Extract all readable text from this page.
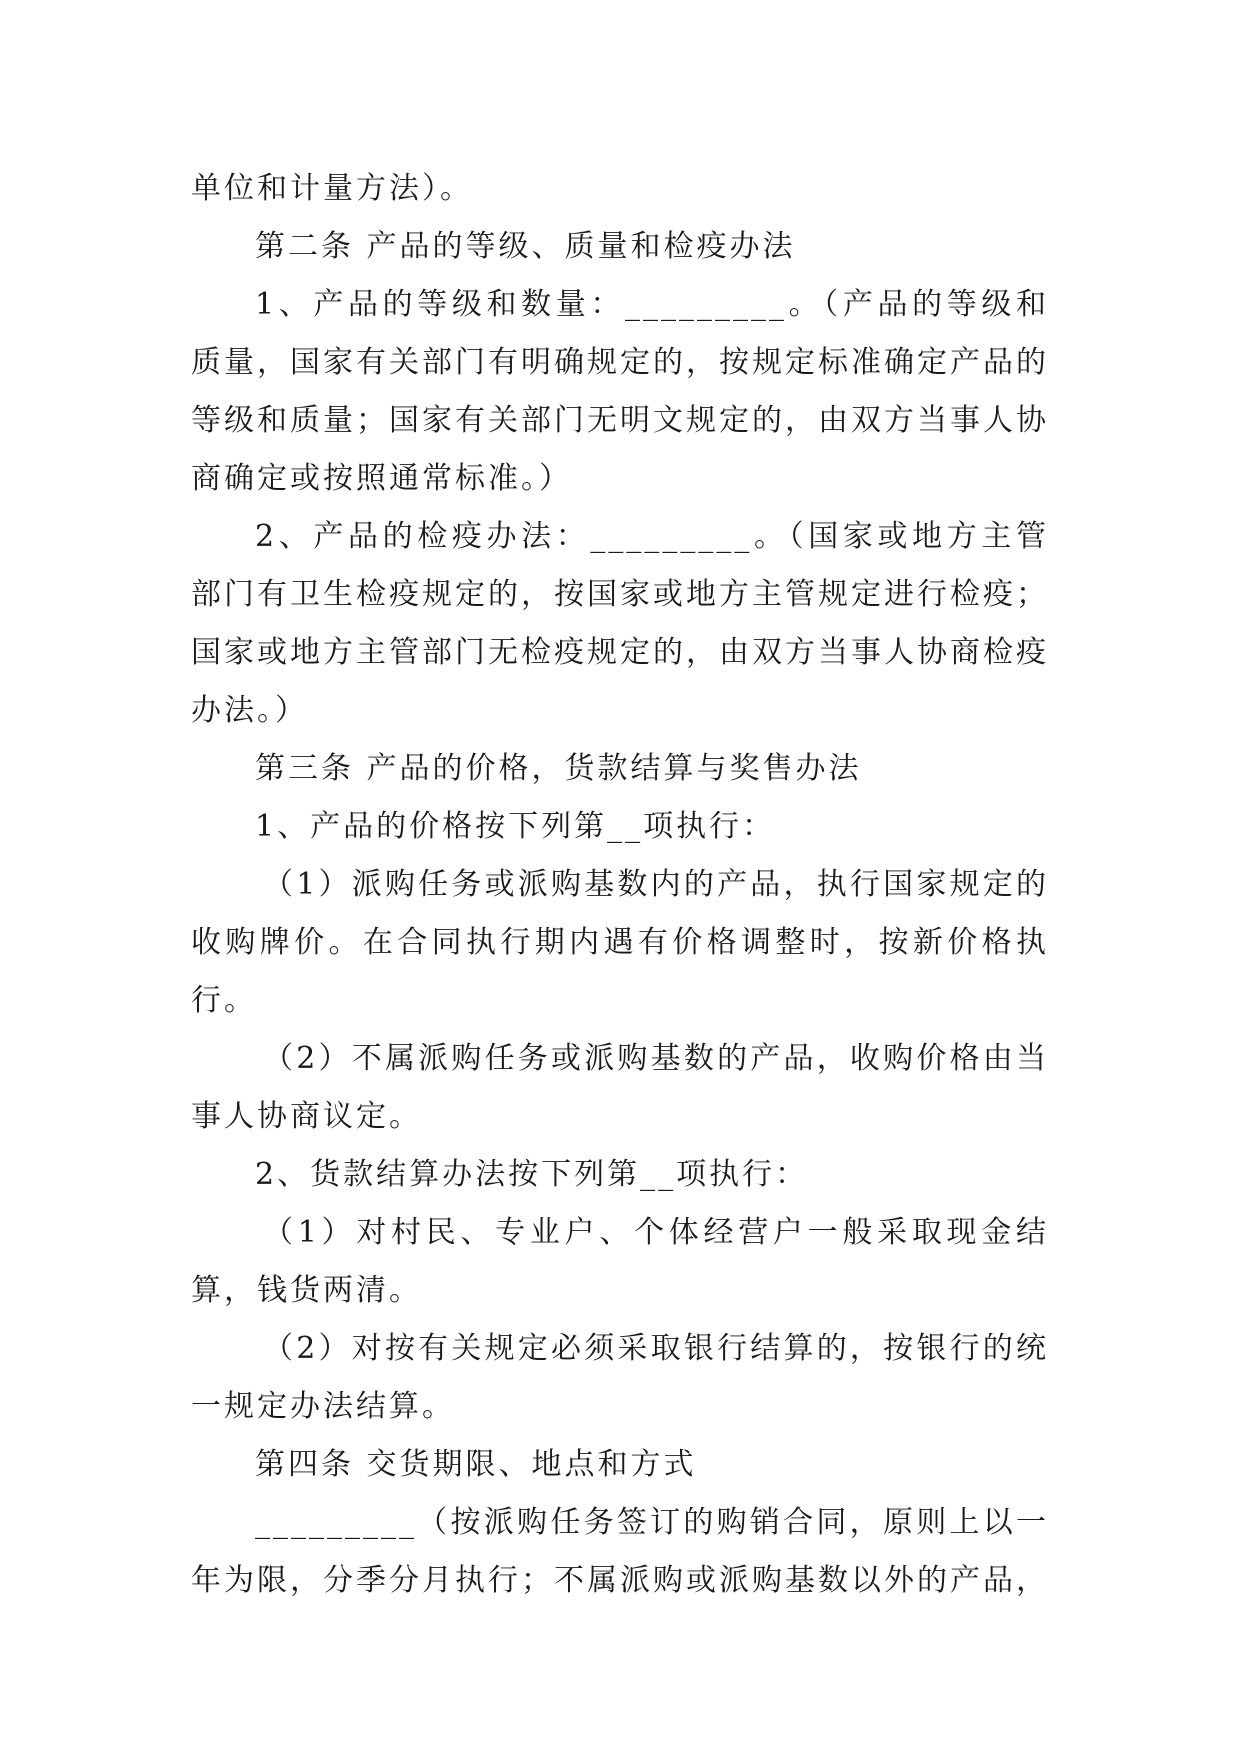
单位和计量方法）。

第二条 产品的等级、质量和检疫办法

1、产品的等级和数量：_________。（产品的等级和质量，国家有关部门有明确规定的，按规定标准确定产品的等级和质量；国家有关部门无明文规定的，由双方当事人协商确定或按照通常标准。）

2、产品的检疫办法：_________。（国家或地方主管部门有卫生检疫规定的，按国家或地方主管规定进行检疫；国家或地方主管部门无检疫规定的，由双方当事人协商检疫办法。）

第三条 产品的价格，货款结算与奖售办法

1、产品的价格按下列第__项执行：

（1）派购任务或派购基数内的产品，执行国家规定的收购牌价。在合同执行期内遇有价格调整时，按新价格执行。

（2）不属派购任务或派购基数的产品，收购价格由当事人协商议定。

2、货款结算办法按下列第__项执行：

（1）对村民、专业户、个体经营户一般采取现金结算，钱货两清。

（2）对按有关规定必须采取银行结算的，按银行的统一规定办法结算。

第四条 交货期限、地点和方式

_________（按派购任务签订的购销合同，原则上以一年为限，分季分月执行；不属派购或派购基数以外的产品，
